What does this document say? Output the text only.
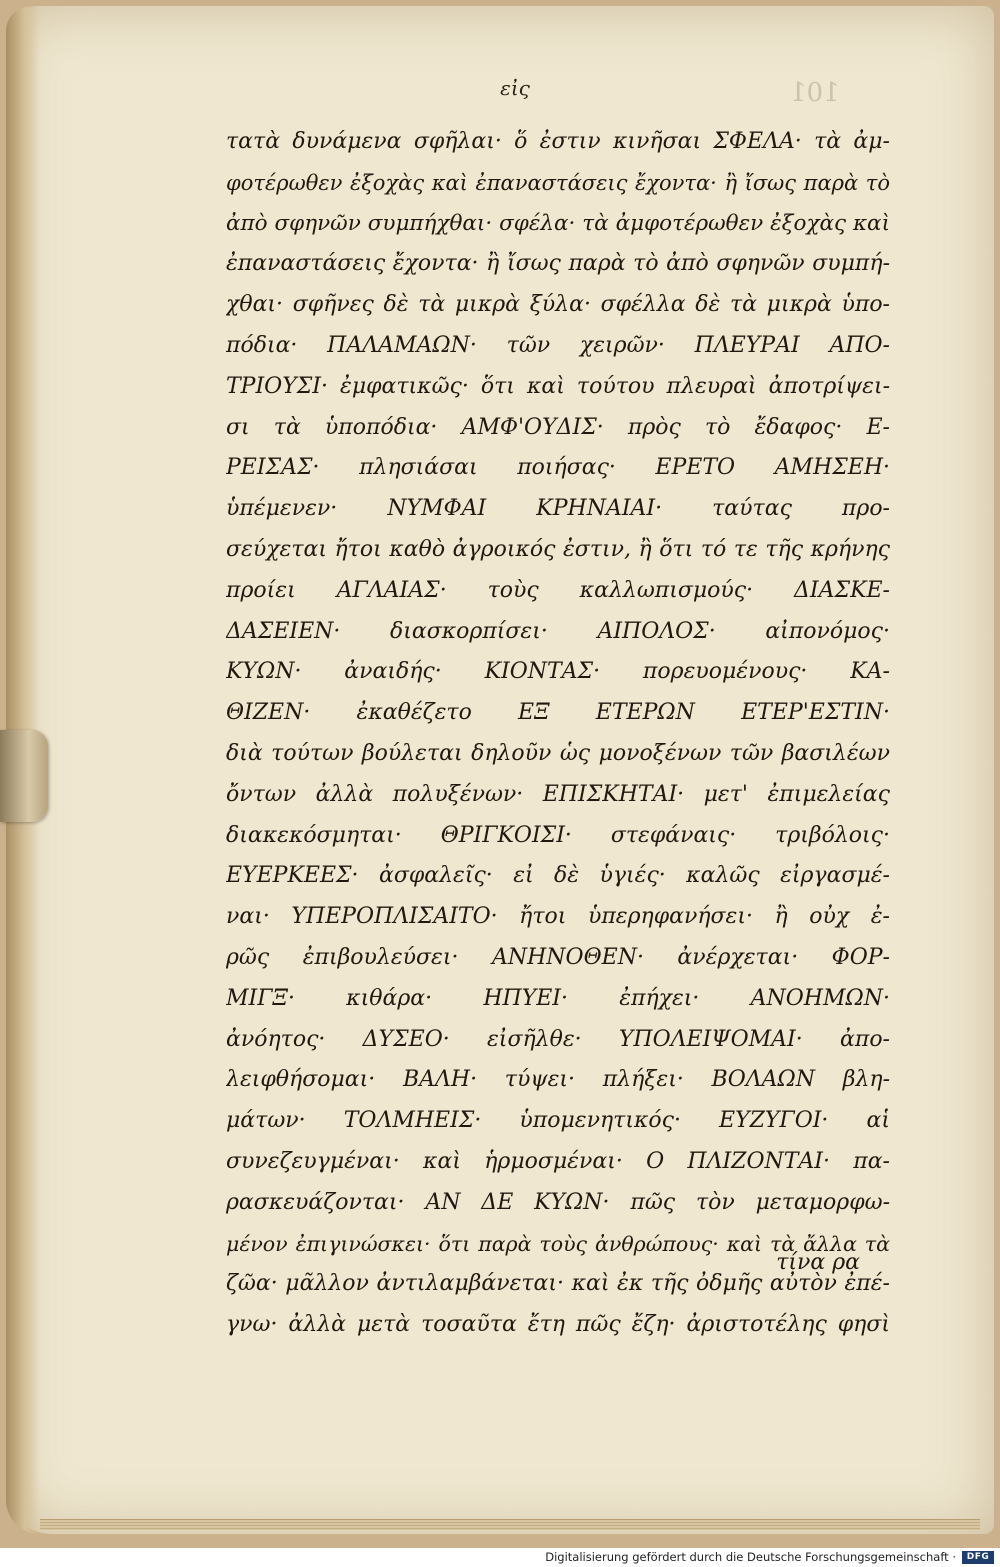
101
εἰς
τατὰ δυνάμενα σφῆλαι· ὅ ἐστιν κινῆσαι ΣΦΕΛΑ· τὰ ἀμ-
φοτέρωθεν ἐξοχὰς καὶ ἐπαναστάσεις ἔχοντα· ἢ ἴσως παρὰ τὸ
ἀπὸ σφηνῶν συμπήχθαι· σφέλα· τὰ ἀμφοτέρωθεν ἐξοχὰς καὶ
ἐπαναστάσεις ἔχοντα· ἢ ἴσως παρὰ τὸ ἀπὸ σφηνῶν συμπή-
χθαι· σφῆνες δὲ τὰ μικρὰ ξύλα· σφέλλα δὲ τὰ μικρὰ ὑπο-
πόδια· ΠΑΛΑΜΑΩΝ· τῶν χειρῶν· ΠΛΕΥΡΑΙ ΑΠΟ-
ΤΡΙΟΥΣΙ· ἐμφατικῶς· ὅτι καὶ τούτου πλευραὶ ἀποτρίψει-
σι τὰ ὑποπόδια· ΑΜΦ'ΟΥΔΙΣ· πρὸς τὸ ἔδαφος· Ε-
ΡΕΙΣΑΣ· πλησιάσαι ποιήσας· ΕΡΕΤΟ ΑΜΗΣΕΗ·
ὑπέμενεν· ΝΥΜΦΑΙ ΚΡΗΝΑΙΑΙ· ταύτας προ-
σεύχεται ἤτοι καθὸ ἀγροικός ἐστιν, ἢ ὅτι τό τε τῆς κρήνης
προίει ΑΓΛΑΙΑΣ· τοὺς καλλωπισμούς· ΔΙΑΣΚΕ-
ΔΑΣΕΙΕΝ· διασκορπίσει· ΑΙΠΟΛΟΣ· αἰπονόμος·
ΚΥΩΝ· ἀναιδής· ΚΙΟΝΤΑΣ· πορευομένους· ΚΑ-
ΘΙΖΕΝ· ἐκαθέζετο ΕΞ ΕΤΕΡΩΝ ΕΤΕΡ'ΕΣΤΙΝ·
διὰ τούτων βούλεται δηλοῦν ὡς μονοξένων τῶν βασιλέων
ὄντων ἀλλὰ πολυξένων· ΕΠΙΣΚΗΤΑΙ· μετ' ἐπιμελείας
διακεκόσμηται· ΘΡΙΓΚΟΙΣΙ· στεφάναις· τριβόλοις·
ΕΥΕΡΚΕΕΣ· ἀσφαλεῖς· εἰ δὲ ὑγιές· καλῶς εἰργασμέ-
ναι· ΥΠΕΡΟΠΛΙΣΑΙΤΟ· ἤτοι ὑπερηφανήσει· ἢ οὐχ ἐ-
ρῶς ἐπιβουλεύσει· ΑΝΗΝΟΘΕΝ· ἀνέρχεται· ΦΟΡ-
ΜΙΓΞ· κιθάρα· ΗΠΥΕΙ· ἐπήχει· ΑΝΟΗΜΩΝ·
ἀνόητος· ΔΥΣΕΟ· εἰσῆλθε· ΥΠΟΛΕΙΨΟΜΑΙ· ἀπο-
λειφθήσομαι· ΒΑΛΗ· τύψει· πλήξει· ΒΟΛΑΩΝ βλη-
μάτων· ΤΟΛΜΗΕΙΣ· ὑπομενητικός· ΕΥΖΥΓΟΙ· αἱ
συνεζευγμέναι· καὶ ἡρμοσμέναι· Ο ΠΛΙΖΟΝΤΑΙ· πα-
ρασκευάζονται· ΑΝ ΔΕ ΚΥΩΝ· πῶς τὸν μεταμορφω-
μένον ἐπιγινώσκει· ὅτι παρὰ τοὺς ἀνθρώπους· καὶ τὰ ἄλλα τὰ
ζῶα· μᾶλλον ἀντιλαμβάνεται· καὶ ἐκ τῆς ὀδμῆς αὐτὸν ἐπέ-
γνω· ἀλλὰ μετὰ τοσαῦτα ἔτη πῶς ἔζη· ἀριστοτέλης φησὶ
τίνα ρα
Digitalisierung gefördert durch die Deutsche Forschungsgemeinschaft ·	DFG
